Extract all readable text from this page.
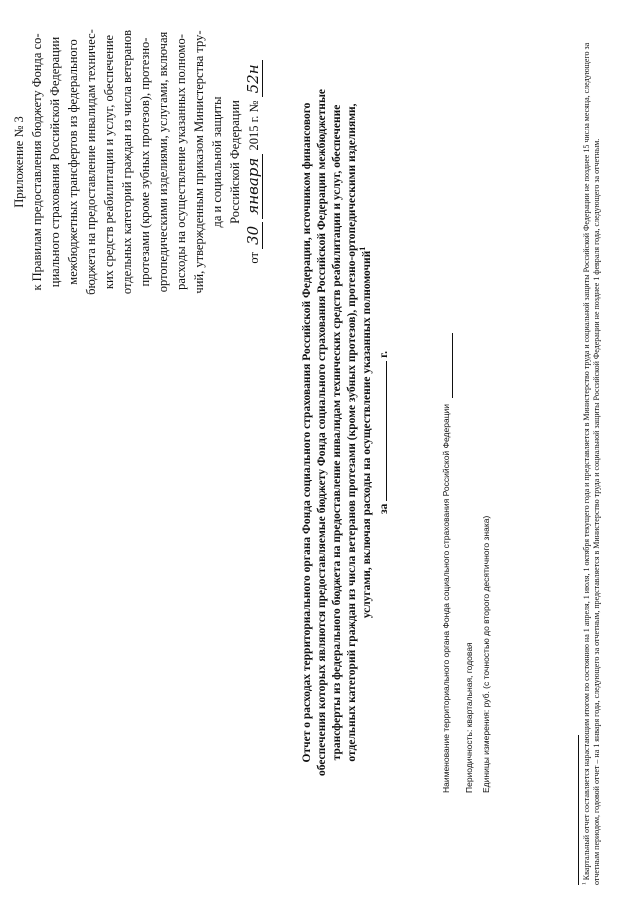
Приложение № 3 к Правилам предоставления бюджету Фонда со- циального страхования Российской Федерации межбюджетных трансфертов из федерального бюджета на предоставление инвалидам техничес- ких средств реабилитации и услуг, обеспечение отдельных категорий граждан из числа ветеранов протезами (кроме зубных протезов), протезно- ортопедическими изделиями, услугами, включая расходы на осуществление указанных полномо- чий, утвержденным приказом Министерства тру- да и социальной защиты Российской Федерации
от 30 января 2015 г. № 52н
Отчет о расходах территориального органа Фонда социального страхования Российской Федерации, источником финансового обеспечения которых являются предоставляемые бюджету Фонда социального страхования Российской Федерации межбюджетные трансферты из федерального бюджета на предоставление инвалидам технических средств реабилитации и услуг, обеспечение отдельных категорий граждан из числа ветеранов протезами (кроме зубных протезов), протезно-ортопедическими изделиями, услугами, включая расходы на осуществление указанных полномочий$^1$
за  г.
Наименование территориального органа Фонда социального страхования Российской Федерации Периодичность: квартальная, годовая Единицы измерения: руб. (с точностью до второго десятичного знака)
$^1$ Квартальный отчет составляется нарастающим итогом по состоянию на 1 апреля, 1 июля, 1 октября текущего года и представляется в Министерство труда и социальной защиты Российской Федерации не позднее 15 числа месяца, следующего за отчетным периодом, годовой отчет – на 1 января года, следующего за отчетным, представляется в Министерство труда и социальной защиты Российской Федерации не позднее 1 февраля года, следующего за отчетным.
